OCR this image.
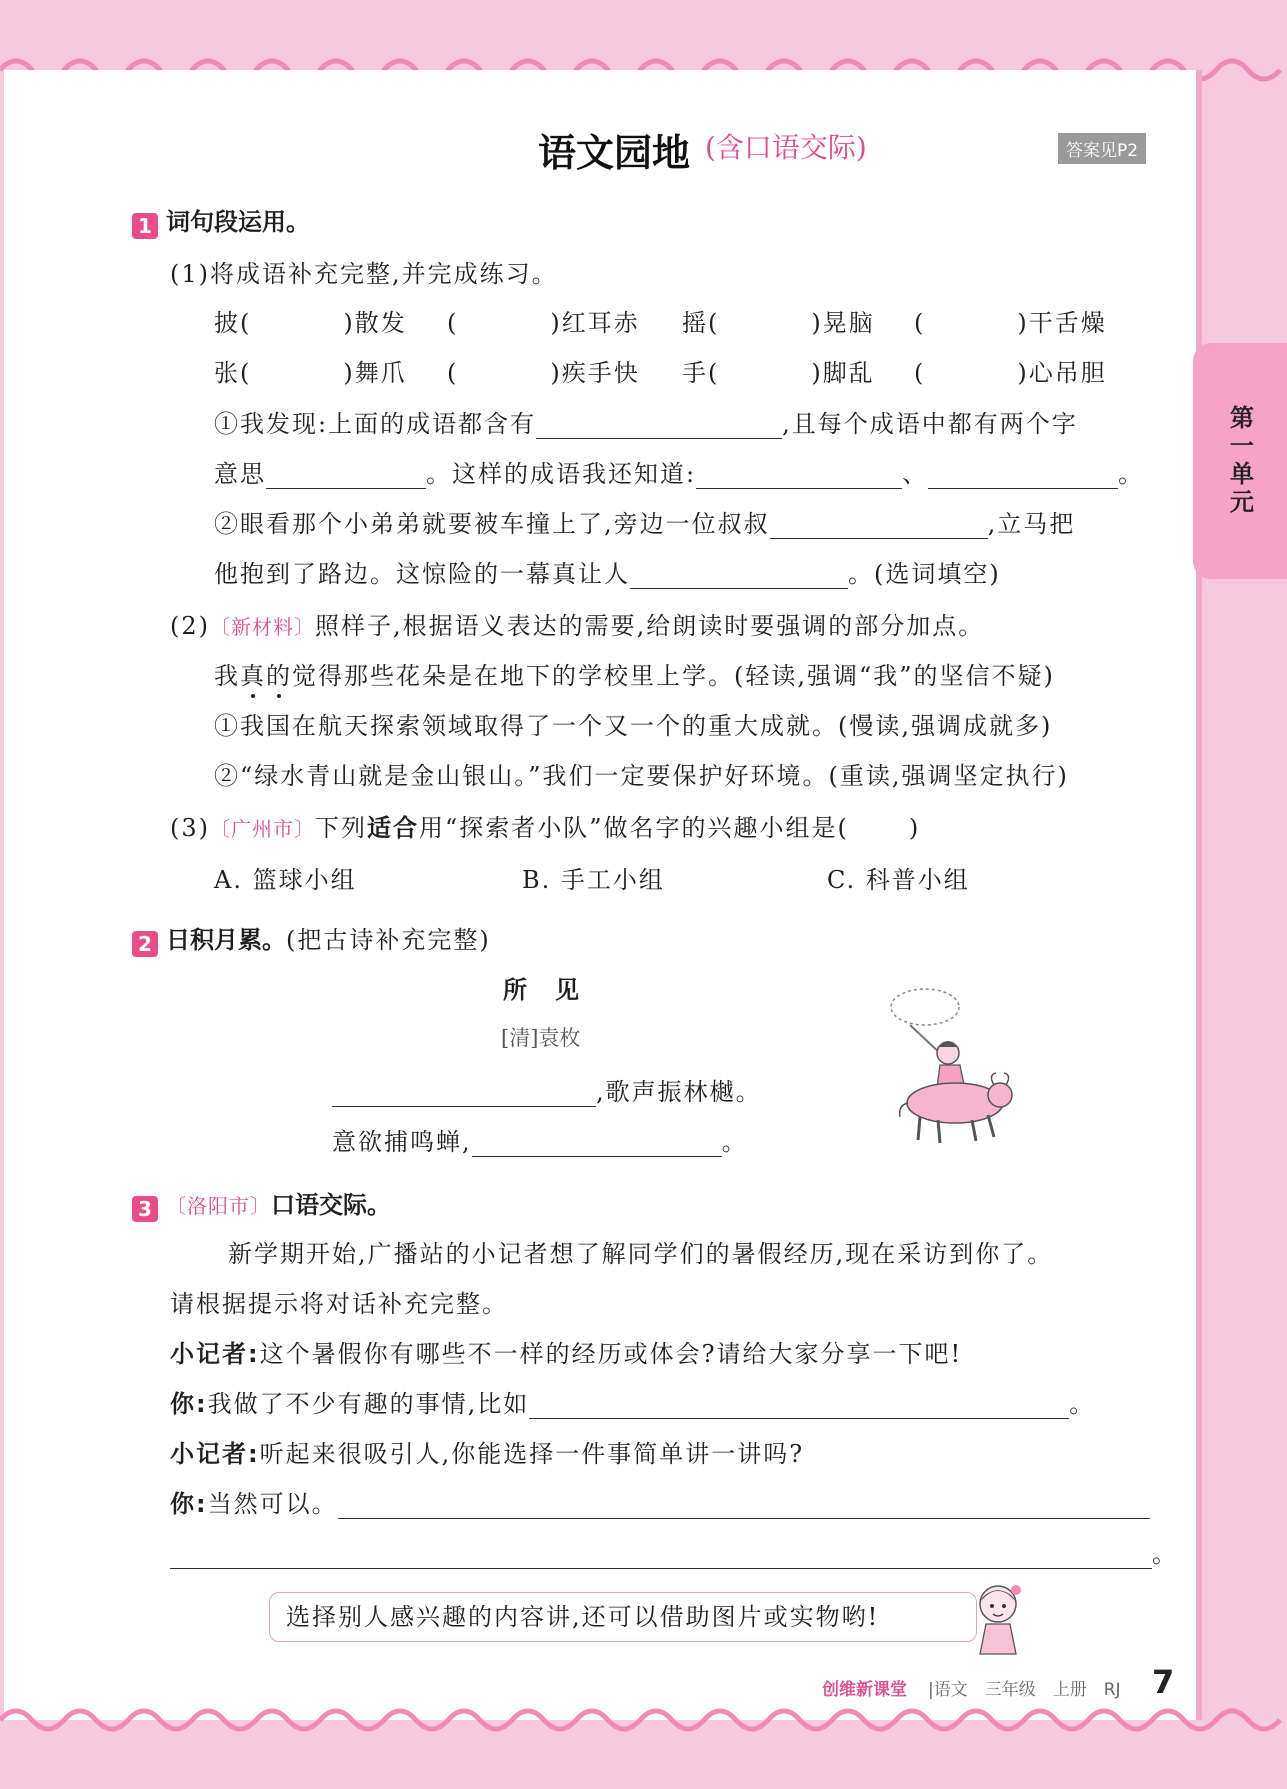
第一单元
语文园地 (含口语交际)	答案见P2
1 词句段运用。
(1)将成语补充完整,并完成练习。
披(	)散发 (	)红耳赤 摇(	)晃脑 (	)干舌燥
张(	)舞爪 (	)疾手快 手(	)脚乱 (	)心吊胆
①我发现:上面的成语都含有	,且每个成语中都有两个字
意思	。这样的成语我还知道:	、	。
②眼看那个小弟弟就要被车撞上了,旁边一位叔叔	,立马把
他抱到了路边。这惊险的一幕真让人	。(选词填空)
(2)〔新材料〕照样子,根据语义表达的需要,给朗读时要强调的部分加点。
我真的觉得那些花朵是在地下的学校里上学。(轻读,强调“我”的坚信不疑)
①我国在航天探索领域取得了一个又一个的重大成就。(慢读,强调成就多)
②“绿水青山就是金山银山。”我们一定要保护好环境。(重读,强调坚定执行)
(3)〔广州市〕下列适合用“探索者小队”做名字的兴趣小组是(	)
A. 篮球小组	B. 手工小组	C. 科普小组
2 日积月累。(把古诗补充完整)
所　见
[清]袁枚
,歌声振林樾。
意欲捕鸣蝉,	。
3 〔洛阳市〕口语交际。
新学期开始,广播站的小记者想了解同学们的暑假经历,现在采访到你了。
请根据提示将对话补充完整。
小记者:这个暑假你有哪些不一样的经历或体会?请给大家分享一下吧!
你:我做了不少有趣的事情,比如	。
小记者:听起来很吸引人,你能选择一件事简单讲一讲吗?
你:当然可以。
。
选择别人感兴趣的内容讲,还可以借助图片或实物哟!
创维新课堂 |语文　三年级　上册　RJ 7
